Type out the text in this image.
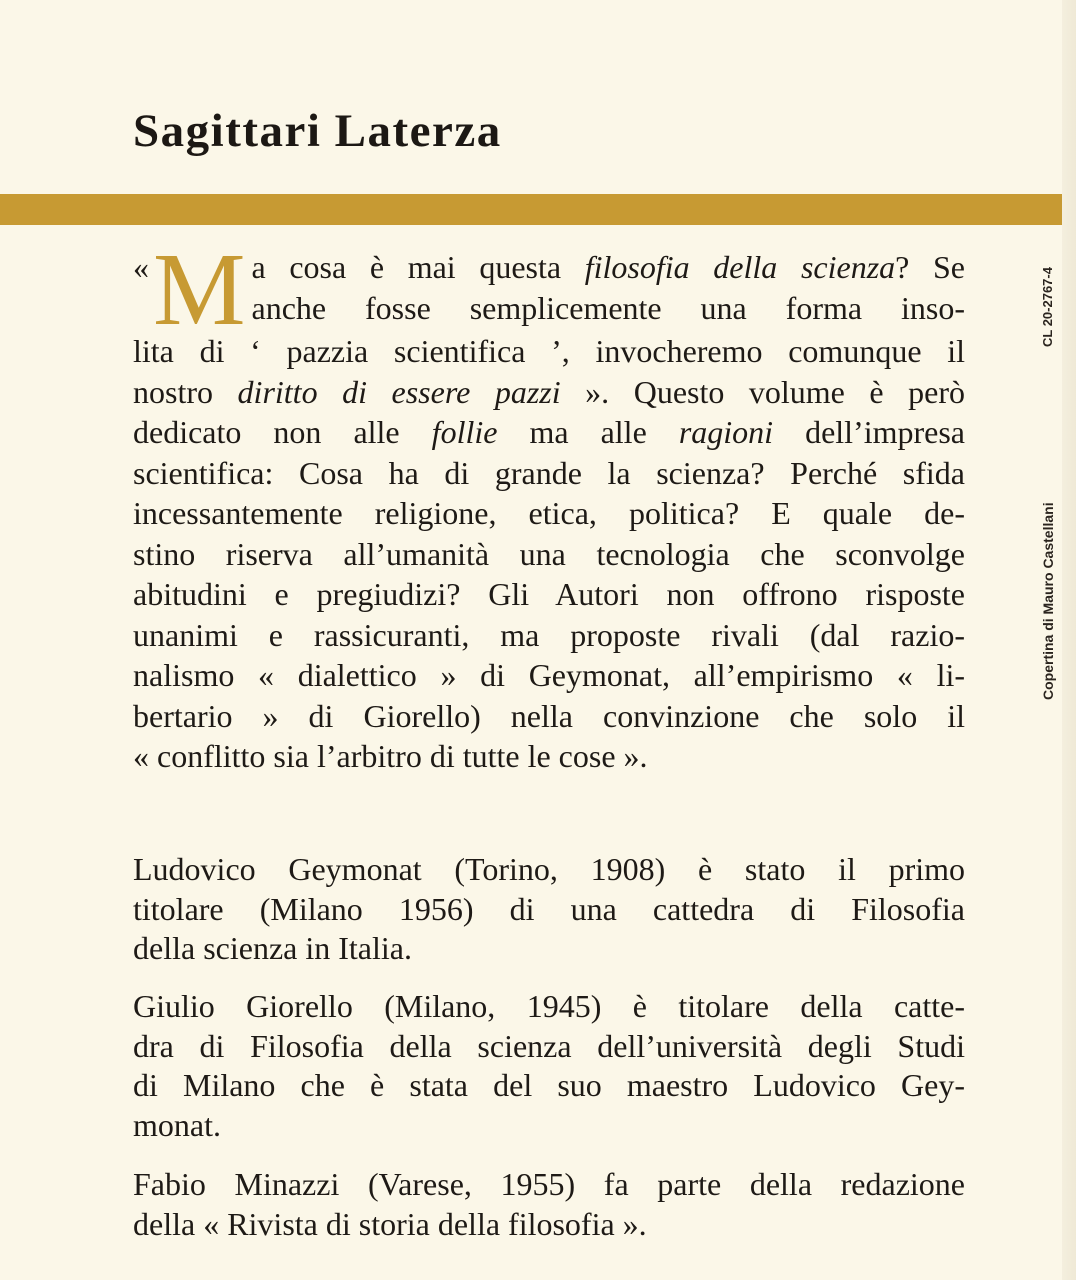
Sagittari Laterza
« M a cosa è mai questa filosofia della scienza? Se
anche fosse semplicemente una forma inso-
lita di ‘ pazzia scientifica ’, invocheremo comunque il
nostro diritto di essere pazzi ». Questo volume è però
dedicato non alle follie ma alle ragioni dell’impresa
scientifica: Cosa ha di grande la scienza? Perché sfida
incessantemente religione, etica, politica? E quale de-
stino riserva all’umanità una tecnologia che sconvolge
abitudini e pregiudizi? Gli Autori non offrono risposte
unanimi e rassicuranti, ma proposte rivali (dal razio-
nalismo « dialettico » di Geymonat, all’empirismo « li-
bertario » di Giorello) nella convinzione che solo il
« conflitto sia l’arbitro di tutte le cose ».
Ludovico Geymonat (Torino, 1908) è stato il primo
titolare (Milano 1956) di una cattedra di Filosofia
della scienza in Italia.
Giulio Giorello (Milano, 1945) è titolare della catte-
dra di Filosofia della scienza dell’università degli Studi
di Milano che è stata del suo maestro Ludovico Gey-
monat.
Fabio Minazzi (Varese, 1955) fa parte della redazione
della « Rivista di storia della filosofia ».
CL 20-2767-4
Copertina di Mauro Castellani
